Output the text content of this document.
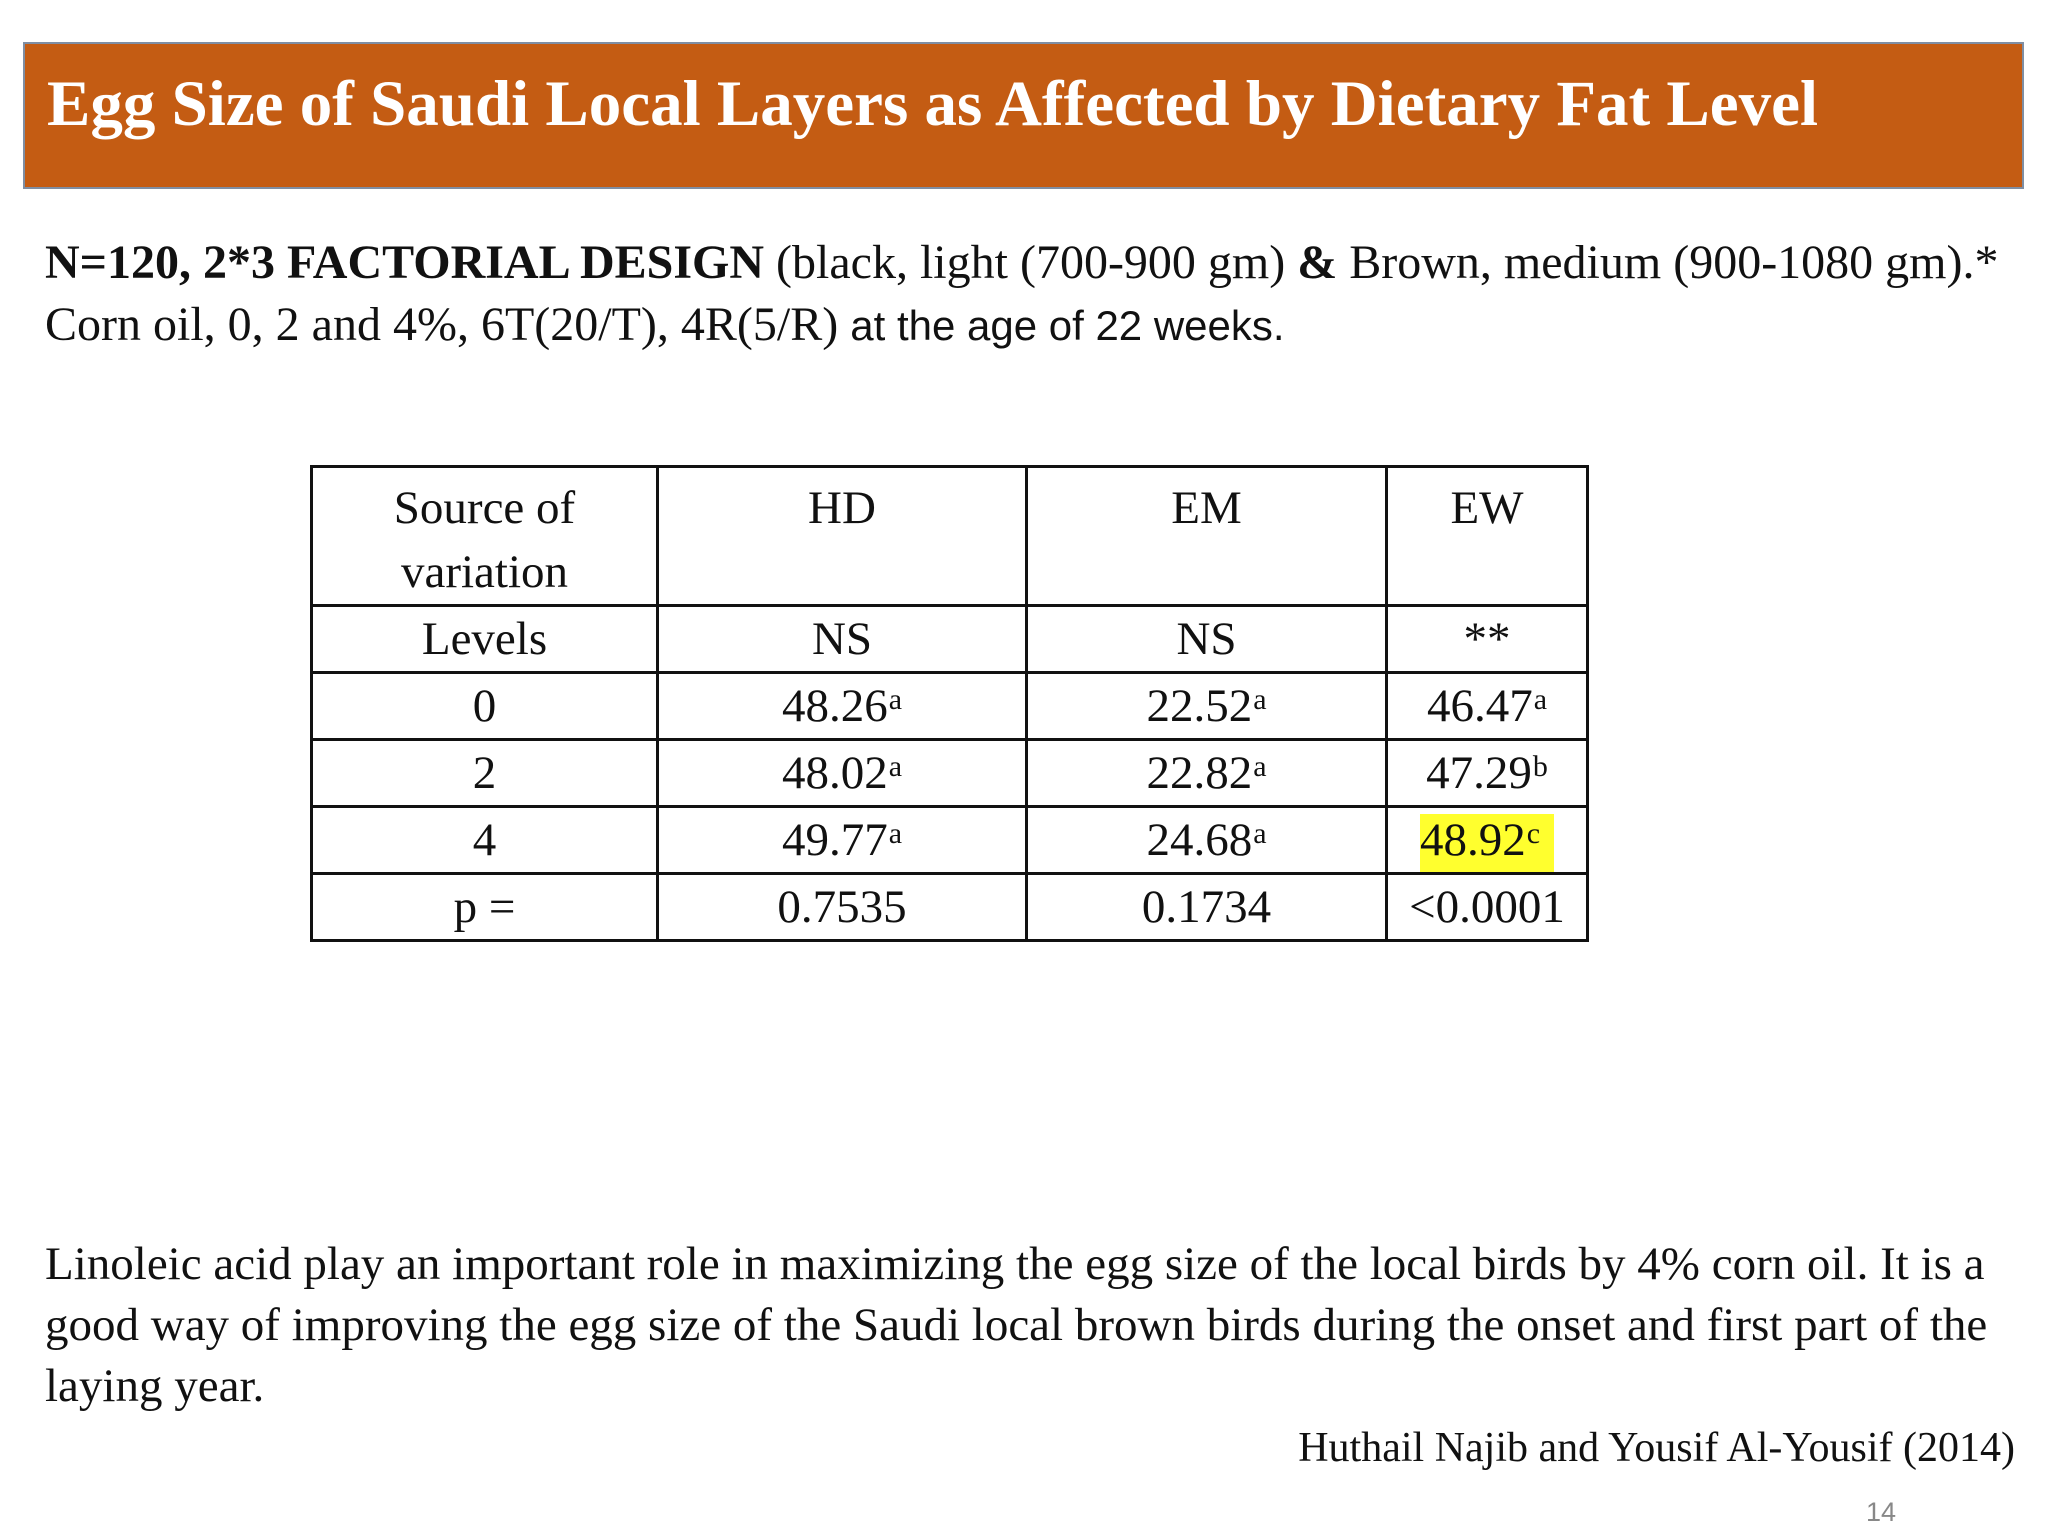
Egg Size of Saudi Local Layers as Affected by Dietary Fat Level

N=120, 2*3 FACTORIAL DESIGN (black, light (700-900 gm) & Brown, medium (900-1080 gm).* Corn oil, 0, 2 and 4%, 6T(20/T), 4R(5/R) at the age of 22 weeks.

Source of variation	HD	EM	EW
Levels	NS	NS	**
0	48.26$^a$	22.52$^a$	46.47$^a$
2	48.02$^a$	22.82$^a$	47.29$^b$
4	49.77$^a$	24.68$^a$	48.92$^c$
p =	0.7535	0.1734	<0.0001

Linoleic acid play an important role in maximizing the egg size of the local birds by 4% corn oil. It is a good way of improving the egg size of the Saudi local brown birds during the onset and first part of the laying year.

Huthail Najib and Yousif Al-Yousif (2014)

14
